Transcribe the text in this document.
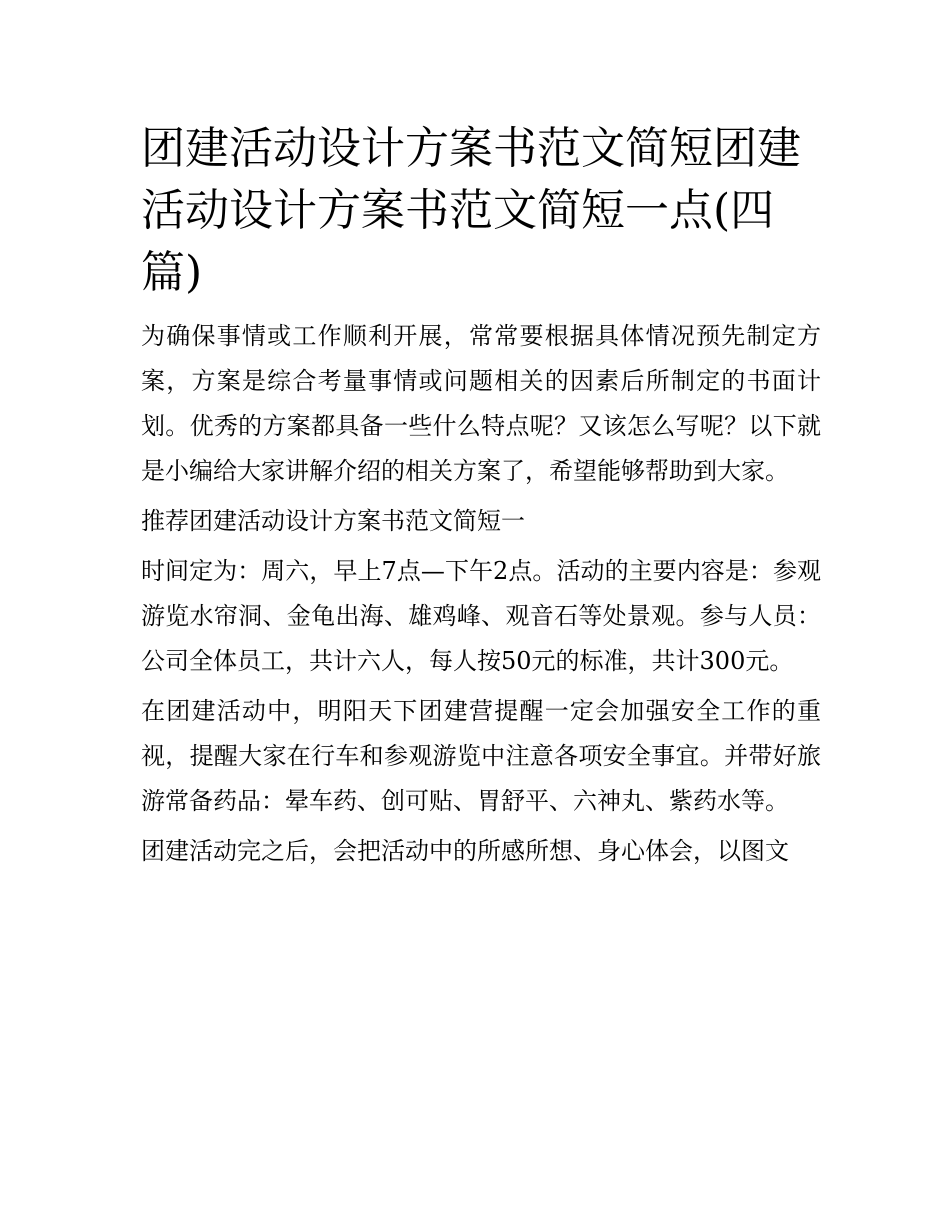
团建活动设计方案书范文简短团建活动设计方案书范文简短一点(四篇)

为确保事情或工作顺利开展，常常要根据具体情况预先制定方案，方案是综合考量事情或问题相关的因素后所制定的书面计划。优秀的方案都具备一些什么特点呢？又该怎么写呢？以下就是小编给大家讲解介绍的相关方案了，希望能够帮助到大家。

推荐团建活动设计方案书范文简短一

时间定为：周六，早上7点—下午2点。活动的主要内容是：参观游览水帘洞、金龟出海、雄鸡峰、观音石等处景观。参与人员：公司全体员工，共计六人，每人按50元的标准，共计300元。

在团建活动中，明阳天下团建营提醒一定会加强安全工作的重视，提醒大家在行车和参观游览中注意各项安全事宜。并带好旅游常备药品：晕车药、创可贴、胃舒平、六神丸、紫药水等。

团建活动完之后，会把活动中的所感所想、身心体会，以图文
